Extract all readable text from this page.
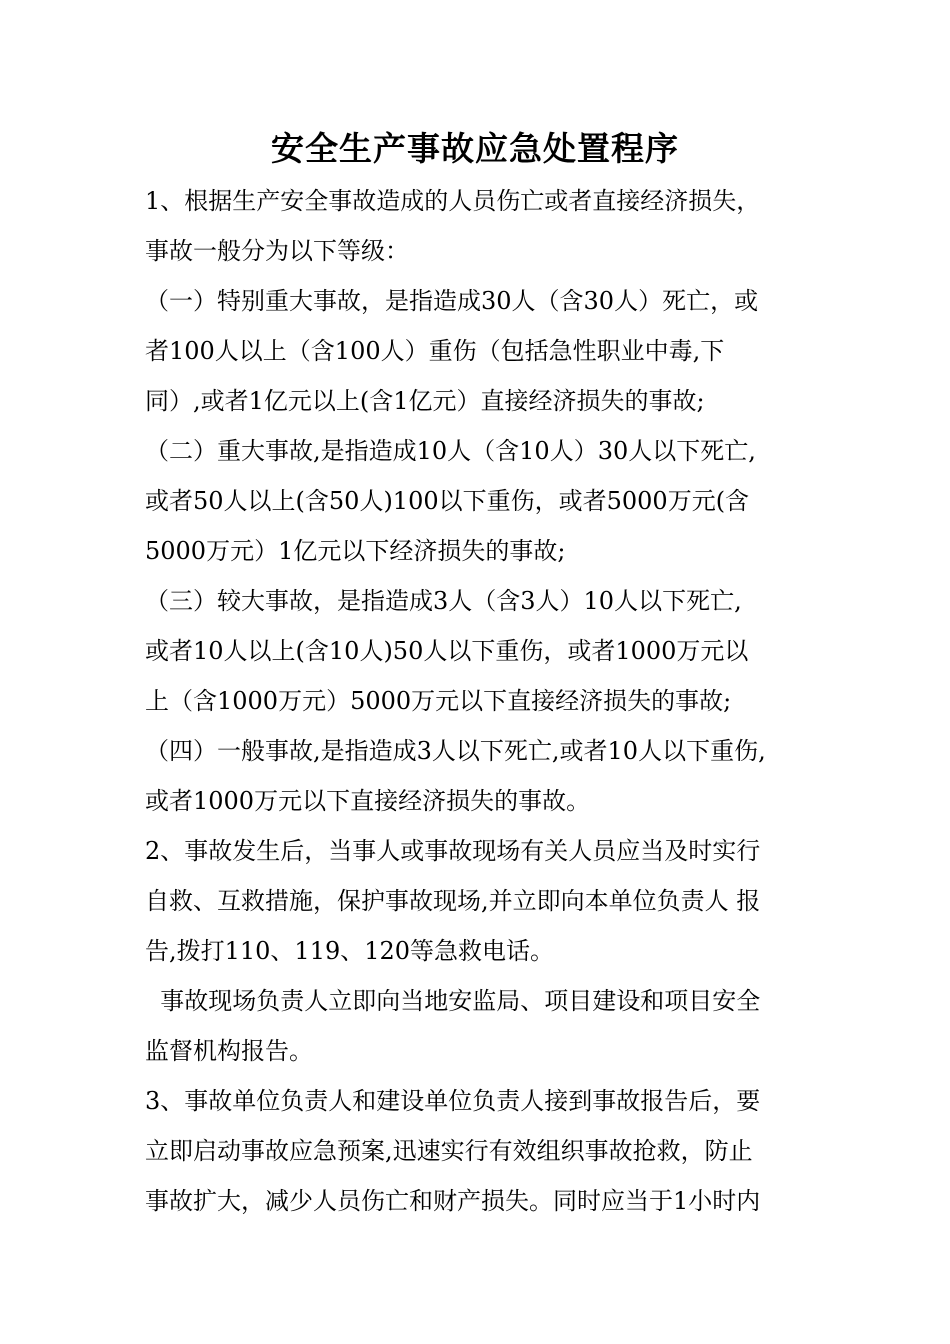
安全生产事故应急处置程序
1、根据生产安全事故造成的人员伤亡或者直接经济损失，
事故一般分为以下等级：
（一）特别重大事故，是指造成30人（含30人）死亡，或
者100人以上（含100人）重伤（包括急性职业中毒,下
同）,或者1亿元以上(含1亿元）直接经济损失的事故;
（二）重大事故,是指造成10人（含10人）30人以下死亡,
或者50人以上(含50人)100以下重伤，或者5000万元(含
5000万元）1亿元以下经济损失的事故;
（三）较大事故，是指造成3人（含3人）10人以下死亡,
或者10人以上(含10人)50人以下重伤，或者1000万元以
上（含1000万元）5000万元以下直接经济损失的事故;
（四）一般事故,是指造成3人以下死亡,或者10人以下重伤,
或者1000万元以下直接经济损失的事故。
2、事故发生后，当事人或事故现场有关人员应当及时实行
自救、互救措施，保护事故现场,并立即向本单位负责人 报
告,拨打110、119、120等急救电话。
事故现场负责人立即向当地安监局、项目建设和项目安全
监督机构报告。
3、事故单位负责人和建设单位负责人接到事故报告后，要
立即启动事故应急预案,迅速实行有效组织事故抢救，防止
事故扩大，减少人员伤亡和财产损失。同时应当于1小时内
